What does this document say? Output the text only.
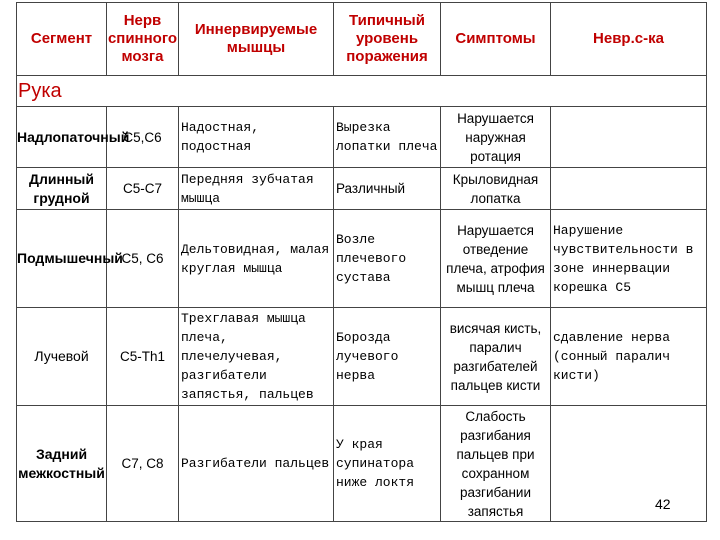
Сегмент	Нерв спинного мозга	Иннервируемые мышцы	Типичный уровень поражения	Симптомы	Невр.с-ка
Рука					
Надлопаточный	С5,С6	Надостная, подостная	Вырезка лопатки плеча	Нарушается наружная ротация	
Длинный грудной	С5-С7	Передняя зубчатая мышца	Различный	Крыловидная лопатка	
Подмышечный	С5, С6	Дельтовидная, малая круглая мышца	Возле плечевого сустава	Нарушается отведение плеча, атрофия мышц плеча	Нарушение чувствительности в зоне иннервации корешка С5
Лучевой	С5-Th1	Трехглавая мышца плеча, плечелучевая, разгибатели запястья, пальцев	Борозда лучевого нерва	висячая кисть, паралич разгибателей пальцев кисти	сдавление нерва (сонный паралич кисти)
Задний межкостный	С7, С8	Разгибатели пальцев	У края супинатора ниже локтя	Слабость разгибания пальцев при сохранном разгибании запястья		42
